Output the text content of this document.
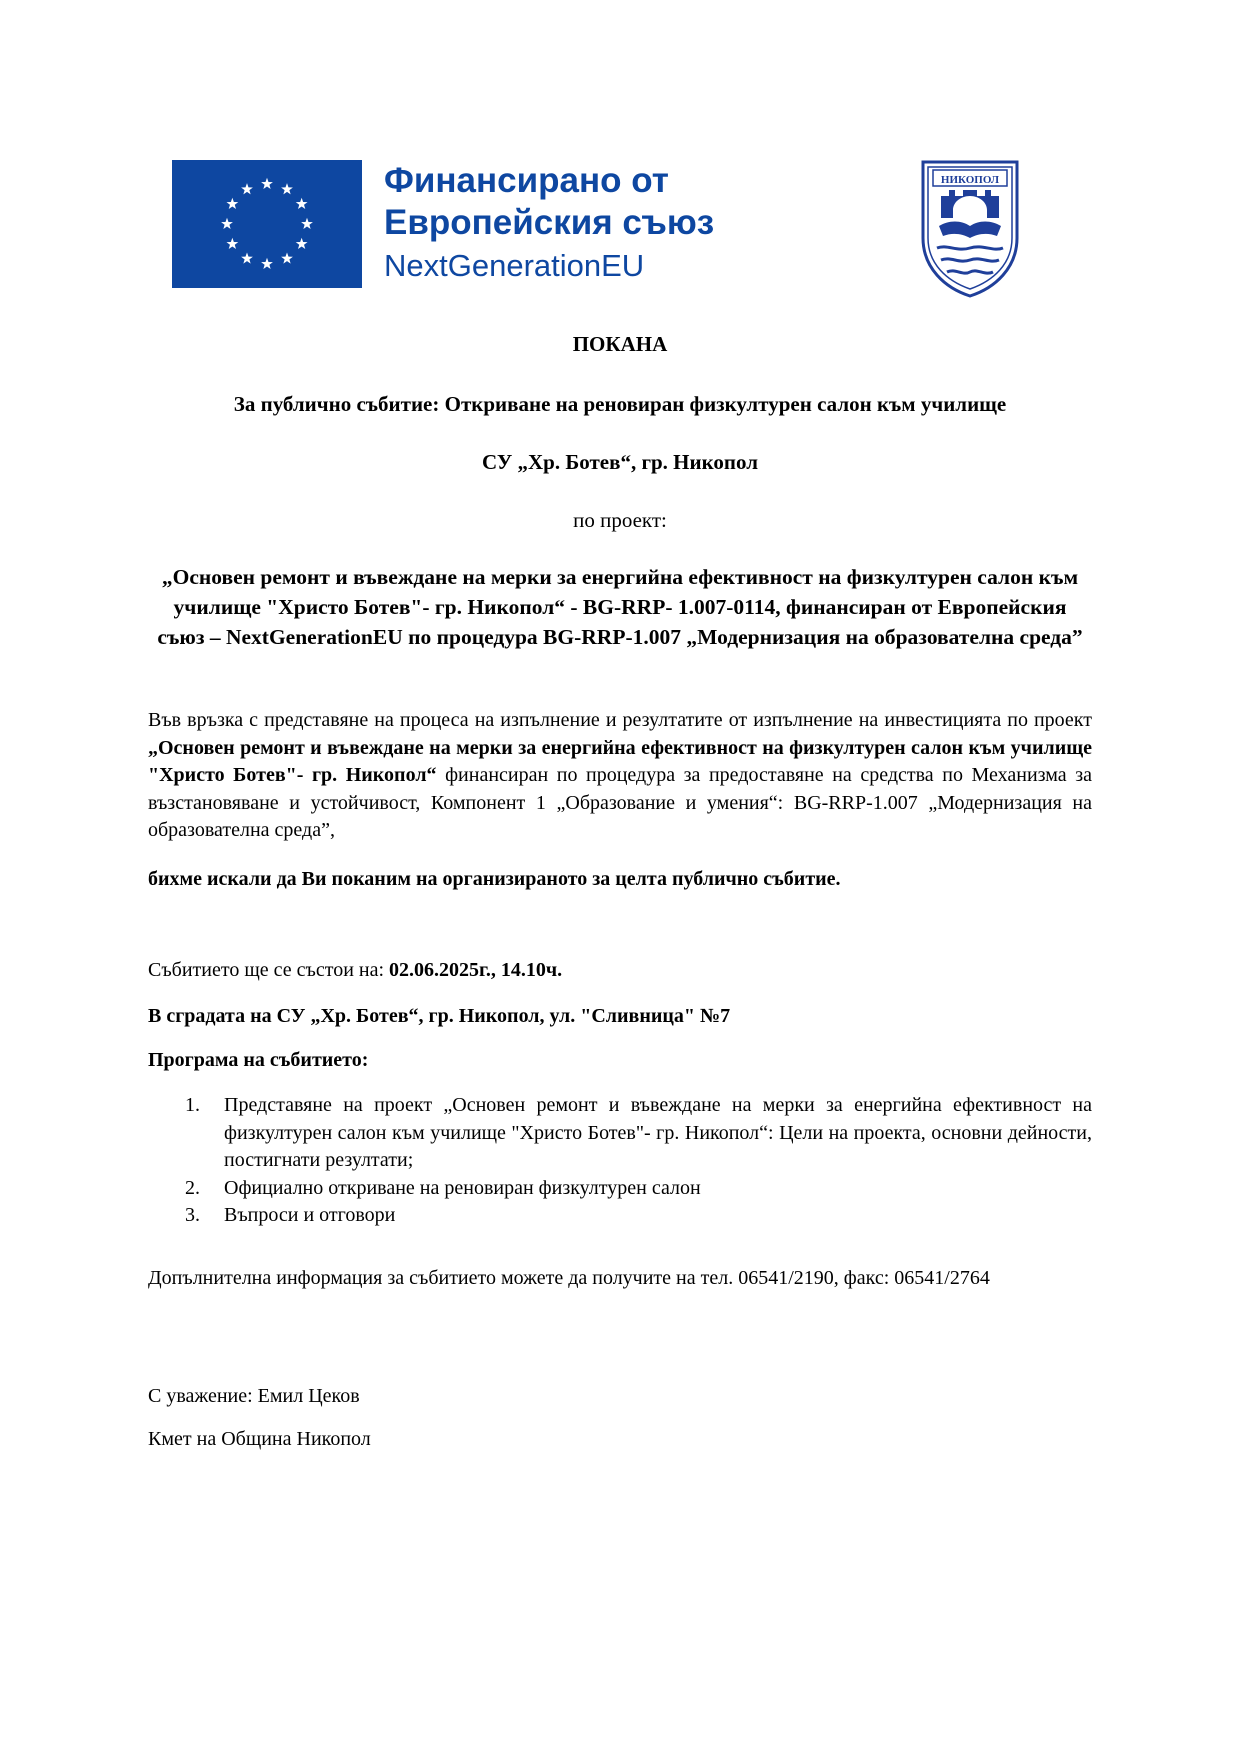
Финансирано от
Европейския съюз
NextGenerationEU
НИКОПОЛ
ПОКАНА
За публично събитие: Откриване на реновиран физкултурен салон към училище
СУ „Хр. Ботев“, гр. Никопол
по проект:
„Основен ремонт и въвеждане на мерки за енергийна ефективност на физкултурен салон към училище "Христо Ботев"- гр. Никопол“ - BG-RRP- 1.007-0114, финансиран от Европейския съюз – NextGenerationEU по процедура BG-RRP-1.007 „Модернизация на образователна среда”
Във връзка с представяне на процеса на изпълнение и резултатите от изпълнение на инвестицията по проект „Основен ремонт и въвеждане на мерки за енергийна ефективност на физкултурен салон към училище "Христо Ботев"- гр. Никопол“ финансиран по процедура за предоставяне на средства по Механизма за възстановяване и устойчивост, Компонент 1 „Образование и умения“: BG-RRP-1.007 „Модернизация на образователна среда”,
бихме искали да Ви поканим на организираното за целта публично събитие.
Събитието ще се състои на: 02.06.2025г., 14.10ч.
В сградата на СУ „Хр. Ботев“, гр. Никопол, ул. "Сливница" №7
Програма на събитието:
1. Представяне на проект „Основен ремонт и въвеждане на мерки за енергийна ефективност на физкултурен салон към училище "Христо Ботев"- гр. Никопол“: Цели на проекта, основни дейности, постигнати резултати;
2. Официално откриване на реновиран физкултурен салон
3. Въпроси и отговори
Допълнителна информация за събитието можете да получите на тел. 06541/2190, факс: 06541/2764
С уважение: Емил Цеков
Кмет на Община Никопол
